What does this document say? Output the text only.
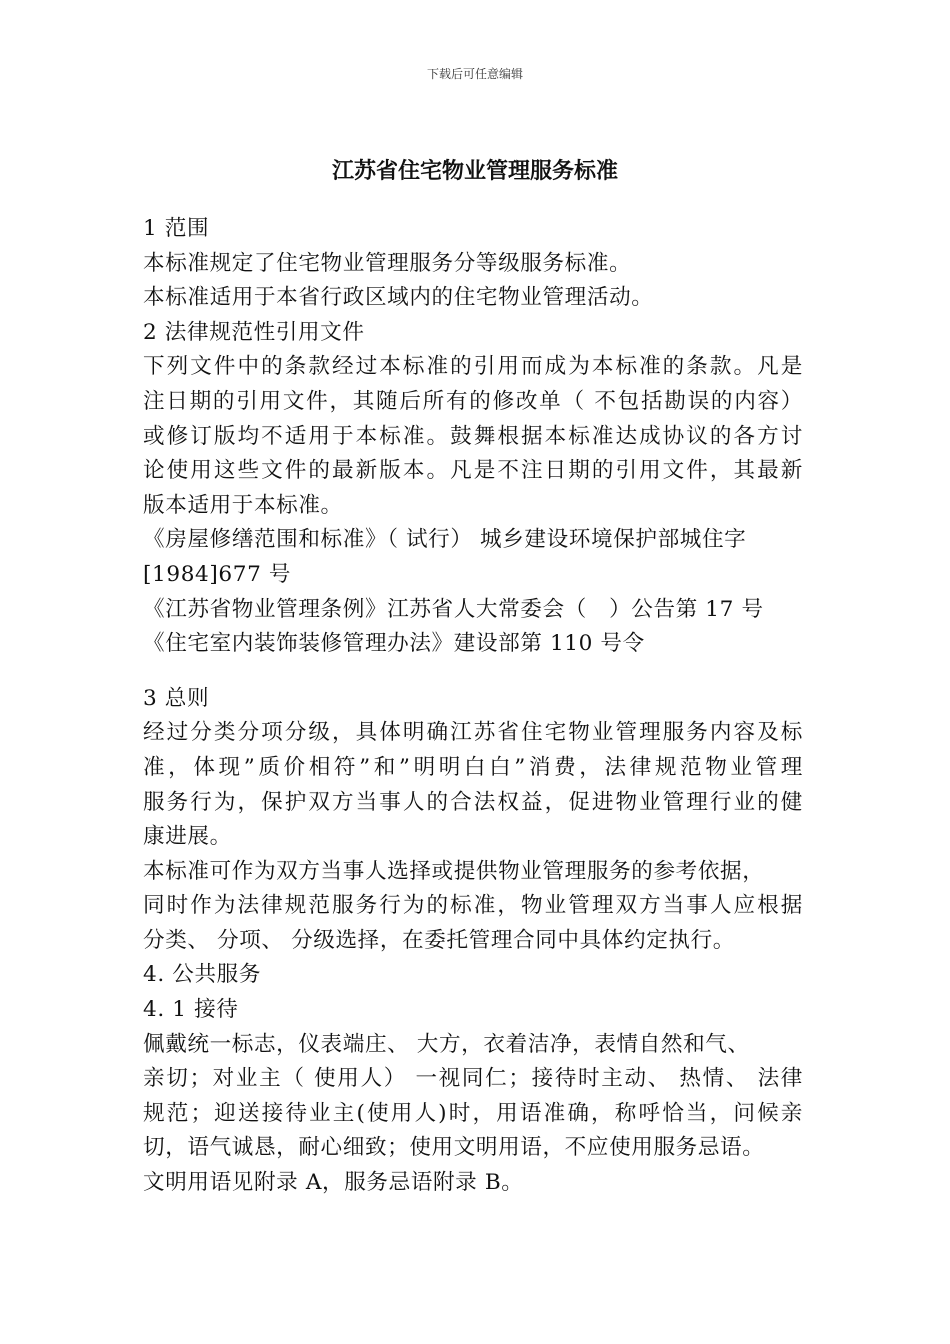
下载后可任意编辑
江苏省住宅物业管理服务标准
1 范围
本标准规定了住宅物业管理服务分等级服务标准。
本标准适用于本省行政区域内的住宅物业管理活动。
2 法律规范性引用文件
下列文件中的条款经过本标准的引用而成为本标准的条款。凡是
注日期的引用文件，其随后所有的修改单（ 不包括勘误的内容）
或修订版均不适用于本标准。鼓舞根据本标准达成协议的各方讨
论使用这些文件的最新版本。凡是不注日期的引用文件，其最新
版本适用于本标准。
《房屋修缮范围和标准》（ 试行） 城乡建设环境保护部城住字
[1984]677 号
《江苏省物业管理条例》江苏省人大常委会（　）公告第 17 号
《住宅室内装饰装修管理办法》建设部第 110 号令
3 总则
经过分类分项分级，具体明确江苏省住宅物业管理服务内容及标
准，体现”质价相符”和”明明白白”消费，法律规范物业管理
服务行为，保护双方当事人的合法权益，促进物业管理行业的健
康进展。
本标准可作为双方当事人选择或提供物业管理服务的参考依据，
同时作为法律规范服务行为的标准，物业管理双方当事人应根据
分类、 分项、 分级选择，在委托管理合同中具体约定执行。
4. 公共服务
4. 1 接待
佩戴统一标志，仪表端庄、 大方，衣着洁净，表情自然和气、
亲切；对业主（ 使用人） 一视同仁；接待时主动、 热情、 法律
规范；迎送接待业主(使用人)时，用语准确，称呼恰当，问候亲
切，语气诚恳，耐心细致；使用文明用语，不应使用服务忌语。
文明用语见附录 A，服务忌语附录 B。
